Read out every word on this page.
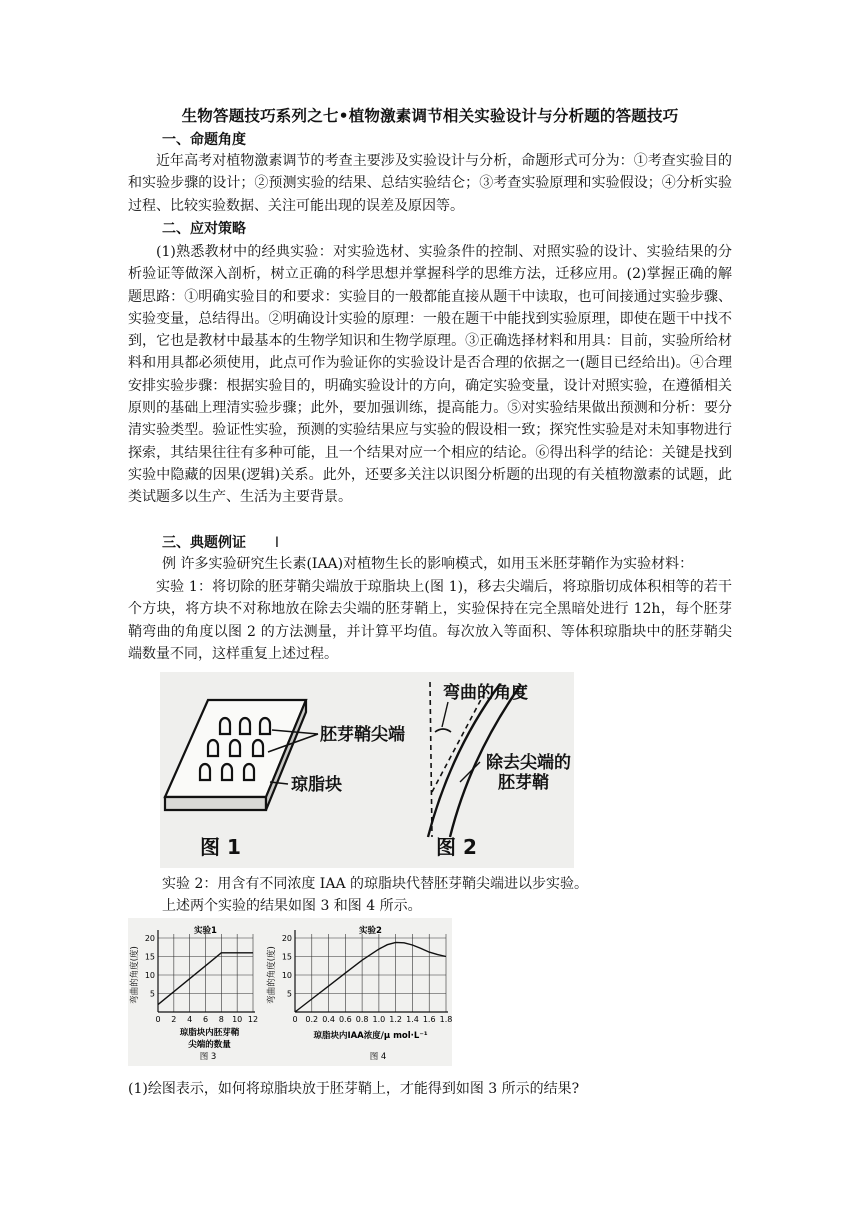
生物答题技巧系列之七•植物激素调节相关实验设计与分析题的答题技巧
一、命题角度

近年高考对植物激素调节的考查主要涉及实验设计与分析，命题形式可分为：①考查实验目的和实验步骤的设计；②预测实验的结果、总结实验结仑；③考查实验原理和实验假设；④分析实验过程、比较实验数据、关注可能出现的误差及原因等。

二、应对策略

(1)熟悉教材中的经典实验：对实验选材、实验条件的控制、对照实验的设计、实验结果的分析验证等做深入剖析，树立正确的科学思想并掌握科学的思维方法，迁移应用。(2)掌握正确的解题思路：①明确实验目的和要求：实验目的一般都能直接从题干中读取，也可间接通过实验步骤、实验变量，总结得出。②明确设计实验的原理：一般在题干中能找到实验原理，即使在题干中找不到，它也是教材中最基本的生物学知识和生物学原理。③正确选择材料和用具：目前，实验所给材料和用具都必须使用，此点可作为验证你的实验设计是否合理的依据之一(题目已经给出)。④合理安排实验步骤：根据实验目的，明确实验设计的方向，确定实验变量，设计对照实验，在遵循相关原则的基础上理清实验步骤；此外，要加强训练，提高能力。⑤对实验结果做出预测和分析：要分清实验类型。验证性实验，预测的实验结果应与实验的假设相一致；探究性实验是对未知事物进行探索，其结果往往有多种可能，且一个结果对应一个相应的结论。⑥得出科学的结论：关键是找到实验中隐藏的因果(逻辑)关系。此外，还要多关注以识图分析题的出现的有关植物激素的试题，此类试题多以生产、生活为主要背景。

三、典题例证 I

例 许多实验研究生长素(IAA)对植物生长的影响模式，如用玉米胚芽鞘作为实验材料：

实验 1：将切除的胚芽鞘尖端放于琼脂块上(图 1)，移去尖端后，将琼脂切成体积相等的若干个方块，将方块不对称地放在除去尖端的胚芽鞘上，实验保持在完全黑暗处进行 12h，每个胚芽鞘弯曲的角度以图 2 的方法测量，并计算平均值。每次放入等面积、等体积琼脂块中的胚芽鞘尖端数量不同，这样重复上述过程。

胚芽鞘尖端
琼脂块
图 1
弯曲的角度
除去尖端的
胚芽鞘
图 2

实验 2：用含有不同浓度 IAA 的琼脂块代替胚芽鞘尖端进以步实验。

上述两个实验的结果如图 3 和图 4 所示。

实验1
5
10
15
20
0 2 4 6 8 10 12
弯曲的角度(度)
琼脂块内胚芽鞘
尖端的数量
图 3
实验2
5
10
15
20
0 0.2 0.4 0.6 0.8 1.0 1.2 1.4 1.6 1.8
弯曲的角度(度)
琼脂块内IAA浓度/μ mol·L⁻¹
图 4

(1)绘图表示，如何将琼脂块放于胚芽鞘上，才能得到如图 3 所示的结果?
